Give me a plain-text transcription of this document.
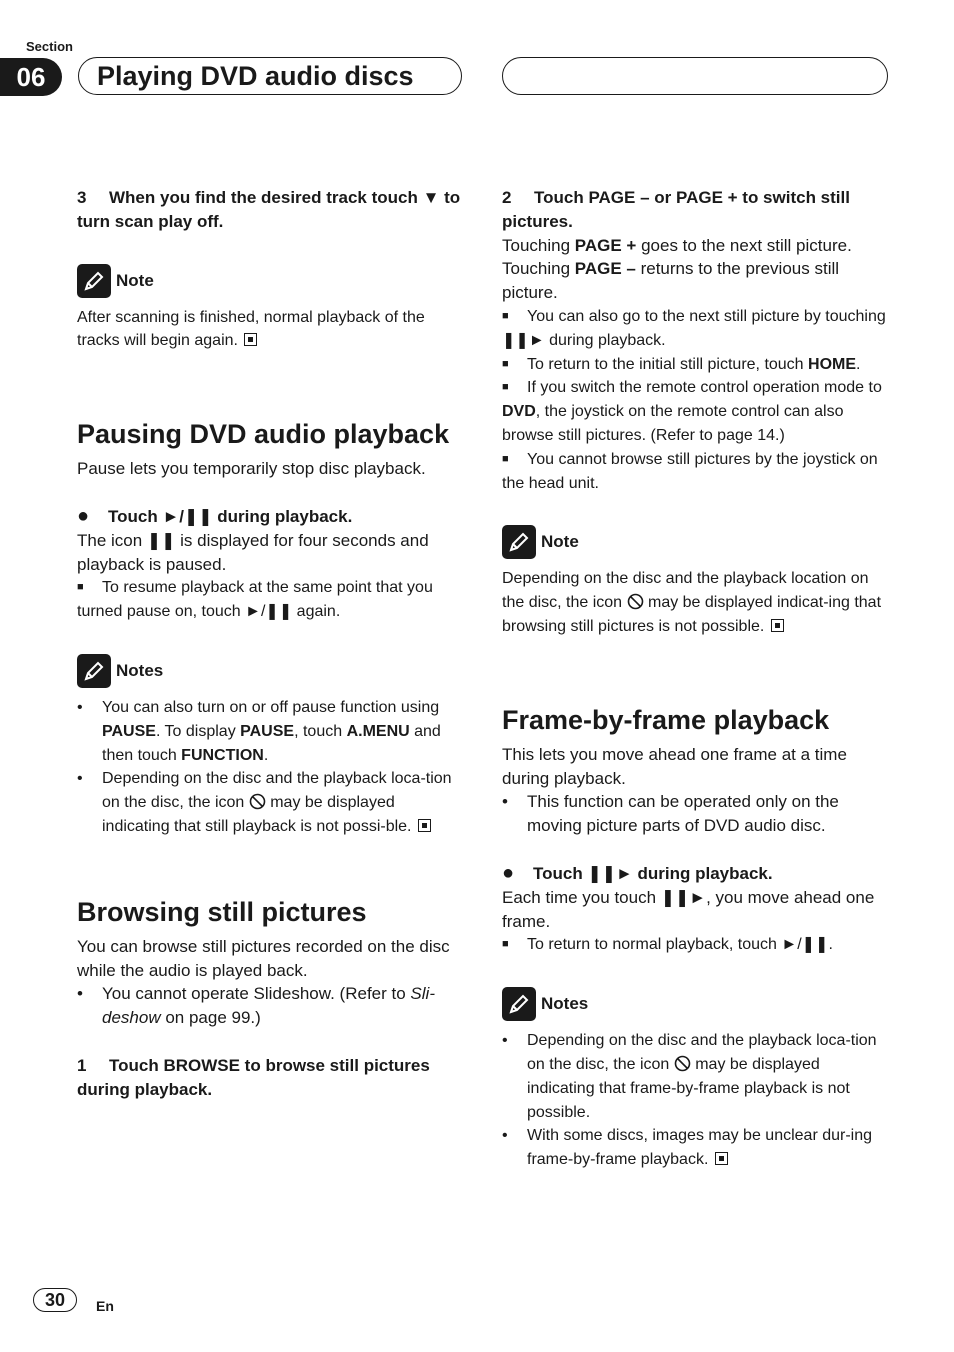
Section
06	Playing DVD audio discs

3 When you find the desired track touch ▼ to turn scan play off.

Note

After scanning is finished, normal playback of the tracks will begin again.

Pausing DVD audio playback

Pause lets you temporarily stop disc playback.

●	Touch ►/❚❚ during playback.

The icon ❚❚ is displayed for four seconds and playback is paused.

■ To resume playback at the same point that you turned pause on, touch ►/❚❚ again.

Notes
•	You can also turn on or off pause function using PAUSE. To display PAUSE, touch A.MENU and then touch FUNCTION.
•	Depending on the disc and the playback loca-tion on the disc, the icon may be displayed indicating that still playback is not possi-ble.
Browsing still pictures

You can browse still pictures recorded on the disc while the audio is played back.

•	You cannot operate Slideshow. (Refer to Sli-deshow on page 99.)

1 Touch BROWSE to browse still pictures during playback.

2 Touch PAGE – or PAGE + to switch still pictures.

Touching PAGE + goes to the next still picture.

Touching PAGE – returns to the previous still picture.

■ You can also go to the next still picture by touching ❚❚► during playback.

■ To return to the initial still picture, touch HOME.

■ If you switch the remote control operation mode to DVD, the joystick on the remote control can also browse still pictures. (Refer to page 14.)

■ You cannot browse still pictures by the joystick on the head unit.

Note

Depending on the disc and the playback location on the disc, the icon may be displayed indicat-ing that browsing still pictures is not possible.

Frame-by-frame playback

This lets you move ahead one frame at a time during playback.

•	This function can be operated only on the moving picture parts of DVD audio disc.
●	Touch ❚❚► during playback.

Each time you touch ❚❚►, you move ahead one frame.

■ To return to normal playback, touch ►/❚❚.

Notes
•	Depending on the disc and the playback loca-tion on the disc, the icon may be displayed indicating that frame-by-frame playback is not possible.
•	With some discs, images may be unclear dur-ing frame-by-frame playback.
30	En
